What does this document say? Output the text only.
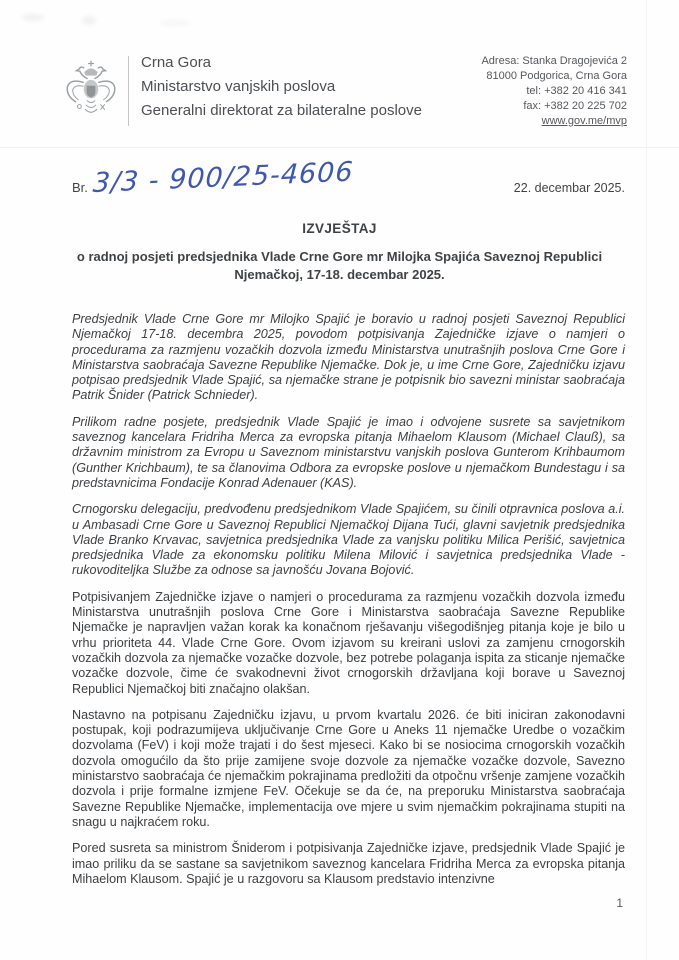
Crna Gora
Ministarstvo vanjskih poslova
Generalni direktorat za bilateralne poslove
Adresa: Stanka Dragojevića 2
81000 Podgorica, Crna Gora
tel: +382 20 416 341
fax: +382 20 225 702
www.gov.me/mvp
Br. 3/3 - 900/25-4606	22. decembar 2025.
IZVJEŠTAJ
o radnoj posjeti predsjednika Vlade Crne Gore mr Milojka Spajića Saveznoj Republici Njemačkoj, 17-18. decembar 2025.

Predsjednik Vlade Crne Gore mr Milojko Spajić je boravio u radnoj posjeti Saveznoj Republici Njemačkoj 17-18. decembra 2025, povodom potpisivanja Zajedničke izjave o namjeri o procedurama za razmjenu vozačkih dozvola između Ministarstva unutrašnjih poslova Crne Gore i Ministarstva saobraćaja Savezne Republike Njemačke. Dok je, u ime Crne Gore, Zajedničku izjavu potpisao predsjednik Vlade Spajić, sa njemačke strane je potpisnik bio savezni ministar saobraćaja Patrik Šnider (Patrick Schnieder).

Prilikom radne posjete, predsjednik Vlade Spajić je imao i odvojene susrete sa savjetnikom saveznog kancelara Fridriha Merca za evropska pitanja Mihaelom Klausom (Michael Clauß), sa državnim ministrom za Evropu u Saveznom ministarstvu vanjskih poslova Gunterom Krihbaumom (Gunther Krichbaum), te sa članovima Odbora za evropske poslove u njemačkom Bundestagu i sa predstavnicima Fondacije Konrad Adenauer (KAS).

Crnogorsku delegaciju, predvođenu predsjednikom Vlade Spajićem, su činili otpravnica poslova a.i. u Ambasadi Crne Gore u Saveznoj Republici Njemačkoj Dijana Tući, glavni savjetnik predsjednika Vlade Branko Krvavac, savjetnica predsjednika Vlade za vanjsku politiku Milica Perišić, savjetnica predsjednika Vlade za ekonomsku politiku Milena Milović i savjetnica predsjednika Vlade - rukovoditeljka Službe za odnose sa javnošću Jovana Bojović.

Potpisivanjem Zajedničke izjave o namjeri o procedurama za razmjenu vozačkih dozvola između Ministarstva unutrašnjih poslova Crne Gore i Ministarstva saobraćaja Savezne Republike Njemačke je napravljen važan korak ka konačnom rješavanju višegodišnjeg pitanja koje je bilo u vrhu prioriteta 44. Vlade Crne Gore. Ovom izjavom su kreirani uslovi za zamjenu crnogorskih vozačkih dozvola za njemačke vozačke dozvole, bez potrebe polaganja ispita za sticanje njemačke vozačke dozvole, čime će svakodnevni život crnogorskih državljana koji borave u Saveznoj Republici Njemačkoj biti značajno olakšan.

Nastavno na potpisanu Zajedničku izjavu, u prvom kvartalu 2026. će biti iniciran zakonodavni postupak, koji podrazumijeva uključivanje Crne Gore u Aneks 11 njemačke Uredbe o vozačkim dozvolama (FeV) i koji može trajati i do šest mjeseci. Kako bi se nosiocima crnogorskih vozačkih dozvola omogućilo da što prije zamijene svoje dozvole za njemačke vozačke dozvole, Savezno ministarstvo saobraćaja će njemačkim pokrajinama predložiti da otpočnu vršenje zamjene vozačkih dozvola i prije formalne izmjene FeV. Očekuje se da će, na preporuku Ministarstva saobraćaja Savezne Republike Njemačke, implementacija ove mjere u svim njemačkim pokrajinama stupiti na snagu u najkraćem roku.

Pored susreta sa ministrom Šniderom i potpisivanja Zajedničke izjave, predsjednik Vlade Spajić je imao priliku da se sastane sa savjetnikom saveznog kancelara Fridriha Merca za evropska pitanja Mihaelom Klausom. Spajić je u razgovoru sa Klausom predstavio intenzivne

1
